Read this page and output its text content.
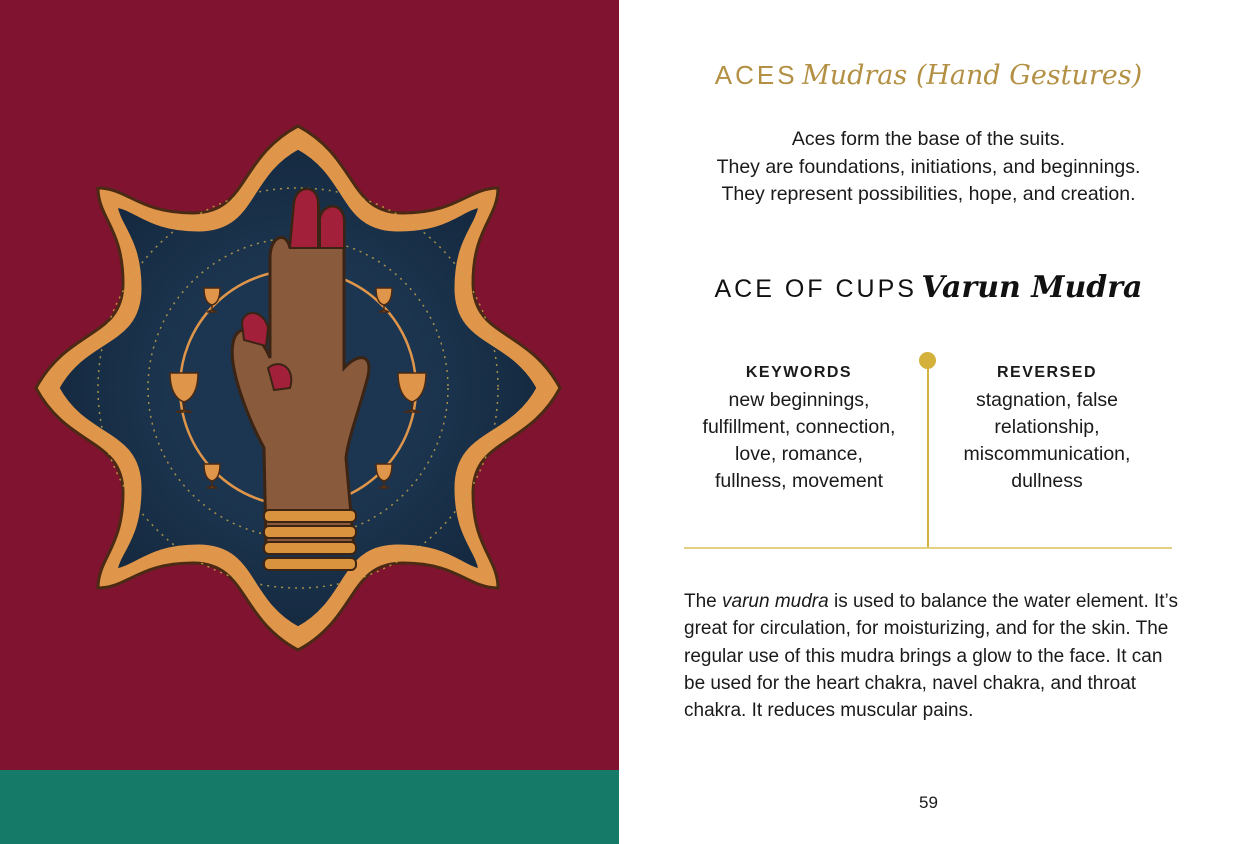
ACES Mudras (Hand Gestures)
Aces form the base of the suits.
They are foundations, initiations, and beginnings.
They represent possibilities, hope, and creation.
ACE OF CUPS Varun Mudra
KEYWORDS
new beginnings,
fulfillment, connection,
love, romance,
fullness, movement
REVERSED
stagnation, false
relationship,
miscommunication,
dullness

The varun mudra is used to balance the water element. It’s great for circulation, for moisturizing, and for the skin. The regular use of this mudra brings a glow to the face. It can be used for the heart chakra, navel chakra, and throat chakra. It reduces muscular pains.

59
